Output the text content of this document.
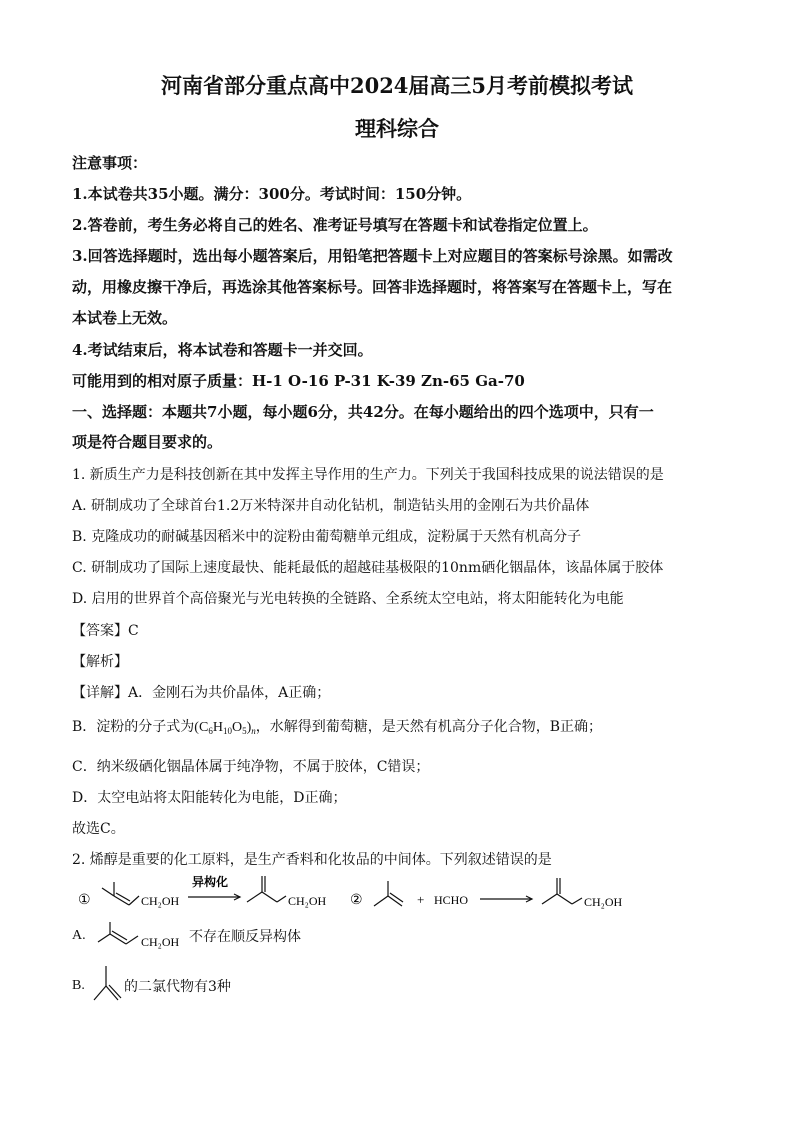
河南省部分重点高中2024届高三5月考前模拟考试
理科综合
注意事项：
1.本试卷共35小题。满分：300分。考试时间：150分钟。
2.答卷前，考生务必将自己的姓名、准考证号填写在答题卡和试卷指定位置上。
3.回答选择题时，选出每小题答案后，用铅笔把答题卡上对应题目的答案标号涂黑。如需改
动，用橡皮擦干净后，再选涂其他答案标号。回答非选择题时，将答案写在答题卡上，写在
本试卷上无效。
4.考试结束后，将本试卷和答题卡一并交回。
可能用到的相对原子质量：H-1 O-16 P-31 K-39 Zn-65 Ga-70
一、选择题：本题共7小题，每小题6分，共42分。在每小题给出的四个选项中，只有一
项是符合题目要求的。
1. 新质生产力是科技创新在其中发挥主导作用的生产力。下列关于我国科技成果的说法错误的是
A. 研制成功了全球首台1.2万米特深井自动化钻机，制造钻头用的金刚石为共价晶体
B. 克隆成功的耐碱基因稻米中的淀粉由葡萄糖单元组成，淀粉属于天然有机高分子
C. 研制成功了国际上速度最快、能耗最低的超越硅基极限的10nm硒化铟晶体，该晶体属于胶体
D. 启用的世界首个高倍聚光与光电转换的全链路、全系统太空电站，将太阳能转化为电能
【答案】C
【解析】
【详解】A．金刚石为共价晶体，A正确；
B．淀粉的分子式为$(C_6H_{10}O_5)_n$，水解得到葡萄糖，是天然有机高分子化合物，B正确；
C．纳米级硒化铟晶体属于纯净物，不属于胶体，C错误；
D．太空电站将太阳能转化为电能，D正确；
故选C。
2. 烯醇是重要的化工原料，是生产香料和化妆品的中间体。下列叙述错误的是
①	CH₂OH
异构化
CH₂OH ②	+ HCHO	CH₂OH
A.	CH₂OH 不存在顺反异构体
B.	的二氯代物有3种
